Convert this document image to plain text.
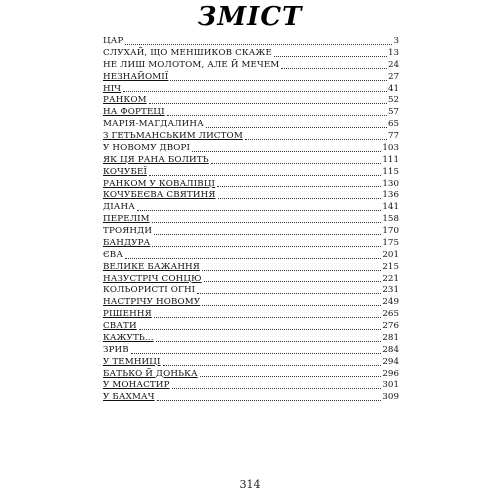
ЗМІСТ
ЦАР	3
СЛУХАЙ, ЩО МЕНШИКОВ СКАЖЕ	13
НЕ ЛИШ МОЛОТОМ, АЛЕ Й МЕЧЕМ	24
НЕЗНАЙОМІЇ	27
НІЧ	41
РАНКОМ	52
НА ФОРТЕЦІ	57
МАРІЯ-МАГДАЛИНА	65
З ГЕТЬМАНСЬКИМ ЛИСТОМ	77
У НОВОМУ ДВОРІ	103
ЯК ЦЯ РАНА БОЛИТЬ	111
КОЧУБЕЇ	115
РАНКОМ У КОВАЛІВЦІ	130
КОЧУБЕЄВА СВЯТИНЯ	136
ДІАНА	141
ПЕРЕЛІМ	158
ТРОЯНДИ	170
БАНДУРА	175
ЄВА	201
ВЕЛИКЕ БАЖАННЯ	215
НАЗУСТРІЧ СОНЦЮ	221
КОЛЬОРИСТІ ОГНІ	231
НАСТРІЧУ НОВОМУ	249
РІШЕННЯ	265
СВАТИ	276
КАЖУТЬ...	281
ЗРИВ	284
У ТЕМНИЦІ	294
БАТЬКО Й ДОНЬКА	296
У МОНАСТИР	301
У БАХМАЧ	309
314
